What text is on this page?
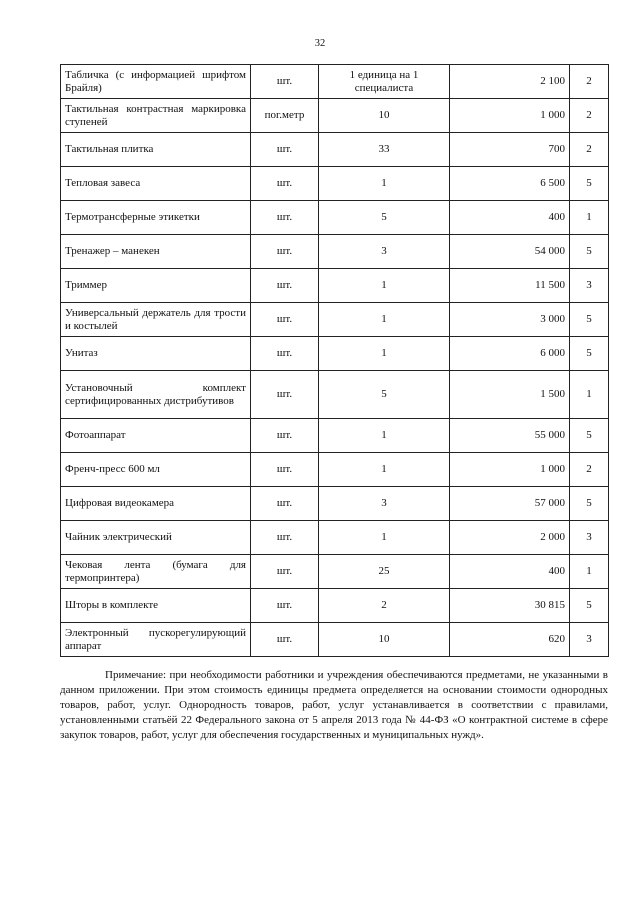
32
Табличка (с информацией шрифтом Брайля)	шт.	1 единица на 1 специалиста	2 100	2
Тактильная контрастная маркировка ступеней	пог.метр	10	1 000	2
Тактильная плитка	шт.	33	700	2
Тепловая завеса	шт.	1	6 500	5
Термотрансферные этикетки	шт.	5	400	1
Тренажер – манекен	шт.	3	54 000	5
Триммер	шт.	1	11 500	3
Универсальный держатель для трости и костылей	шт.	1	3 000	5
Унитаз	шт.	1	6 000	5
Установочный комплект сертифицированных дистрибутивов	шт.	5	1 500	1
Фотоаппарат	шт.	1	55 000	5
Френч-пресс 600 мл	шт.	1	1 000	2
Цифровая видеокамера	шт.	3	57 000	5
Чайник электрический	шт.	1	2 000	3
Чековая лента (бумага для термопринтера)	шт.	25	400	1
Шторы в комплекте	шт.	2	30 815	5
Электронный пускорегулирующий аппарат	шт.	10	620	3

Примечание: при необходимости работники и учреждения обеспечиваются предметами, не указанными в данном приложении. При этом стоимость единицы предмета определяется на основании стоимости однородных товаров, работ, услуг. Однородность товаров, работ, услуг устанавливается в соответствии с правилами, установленными статьёй 22 Федерального закона от 5 апреля 2013 года № 44-ФЗ «О контрактной системе в сфере закупок товаров, работ, услуг для обеспечения государственных и муниципальных нужд».
